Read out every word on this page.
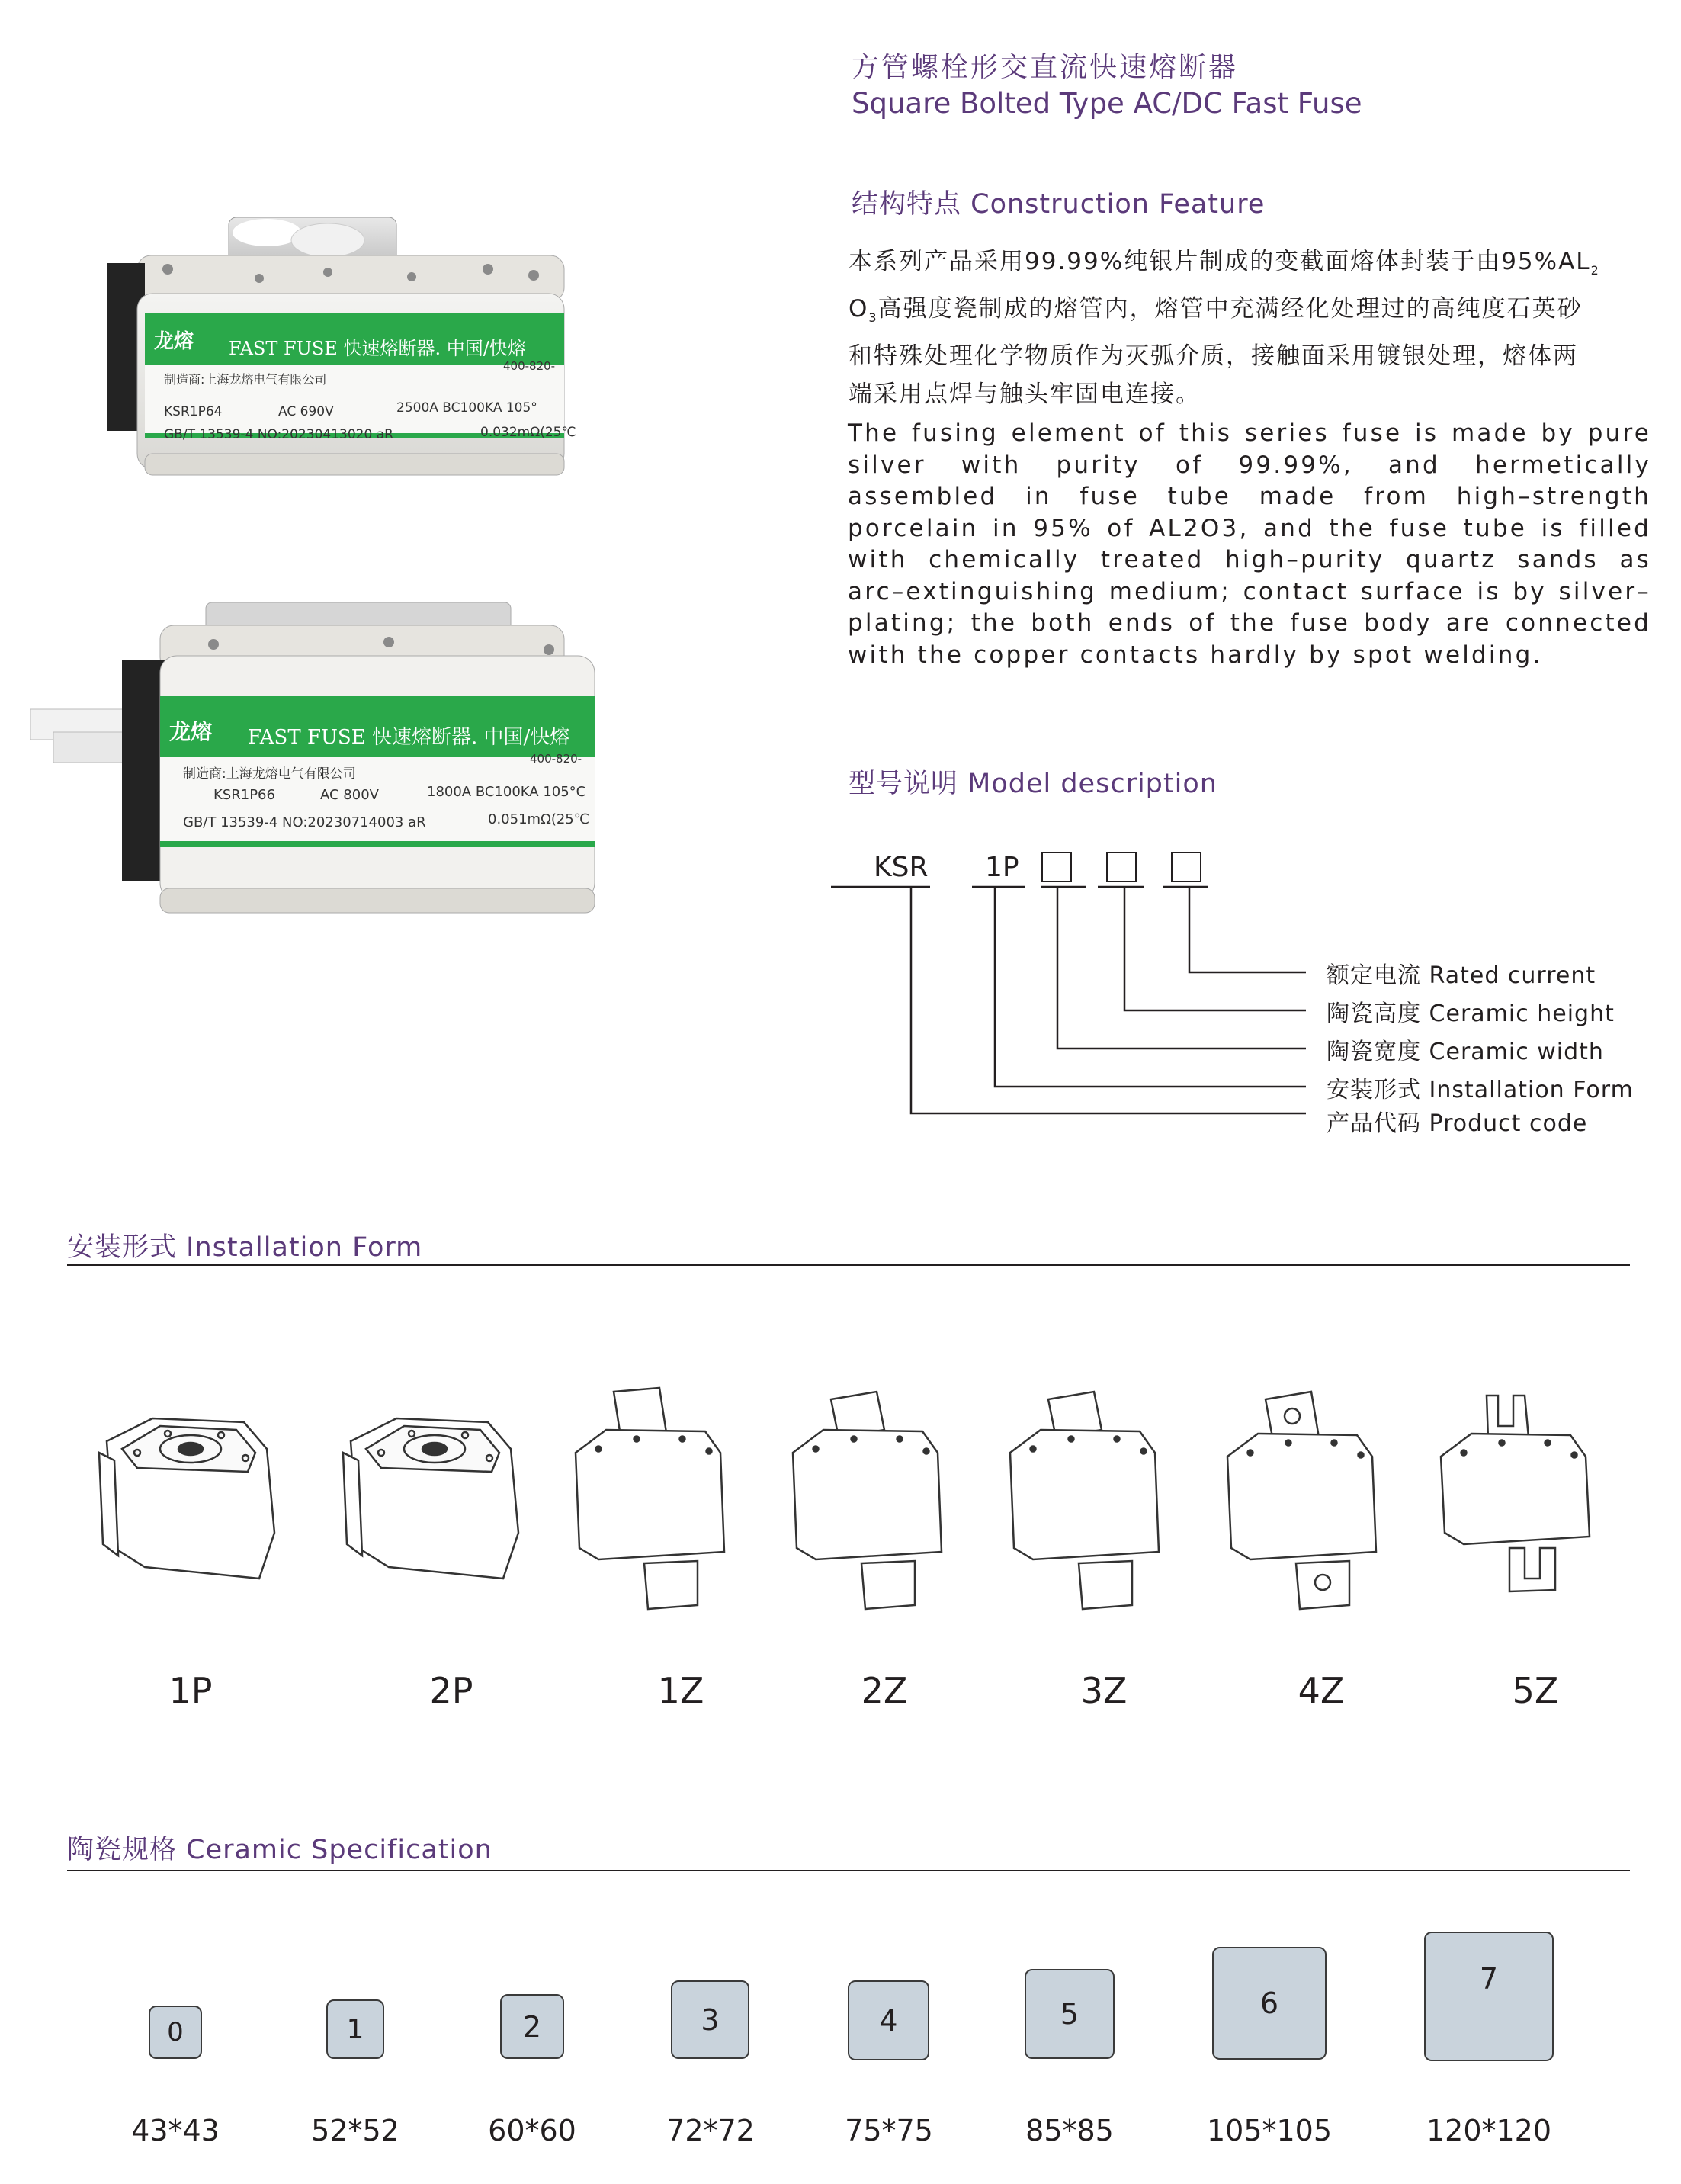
方管螺栓形交直流快速熔断器
Square Bolted Type AC/DC Fast Fuse
结构特点 Construction Feature
本系列产品采用99.99%纯银片制成的变截面熔体封装于由$95\%AL_2$
$O_3$高强度瓷制成的熔管内，熔管中充满经化处理过的高纯度石英砂
和特殊处理化学物质作为灭弧介质，接触面采用镀银处理，熔体两
端采用点焊与触头牢固电连接。
The fusing element of this series fuse is made by pure silver with purity of 99.99%, and hermetically assembled in fuse tube made from high–strength porcelain in 95% of AL2O3, and the fuse tube is filled with chemically treated high–purity quartz sands as arc–extinguishing medium; contact surface is by silver–plating; the both ends of the fuse body are connected with the copper contacts hardly by spot welding.
型号说明 Model description
KSR 1P
额定电流 Rated current
陶瓷高度 Ceramic height
陶瓷宽度 Ceramic width
安装形式 Installation Form
产品代码 Product code
龙熔 FAST FUSE 快速熔断器. 中国/快熔
制造商:上海龙熔电气有限公司
400-820-
KSR1P64	AC 690V	2500A BC100KA 105°
GB/T 13539-4 NO:20230413020 aR	0.032mΩ(25℃
龙熔 FAST FUSE 快速熔断器. 中国/快熔
制造商:上海龙熔电气有限公司
400-820-
KSR1P66	AC 800V	1800A BC100KA 105°C
GB/T 13539-4 NO:20230714003 aR	0.051mΩ(25℃
安装形式 Installation Form
1P	2P	1Z	2Z	3Z	4Z	5Z
陶瓷规格 Ceramic Specification
0	1	2	3	4	5	6
7
43*43	52*52	60*60	72*72	75*75	85*85	105*105	120*120
